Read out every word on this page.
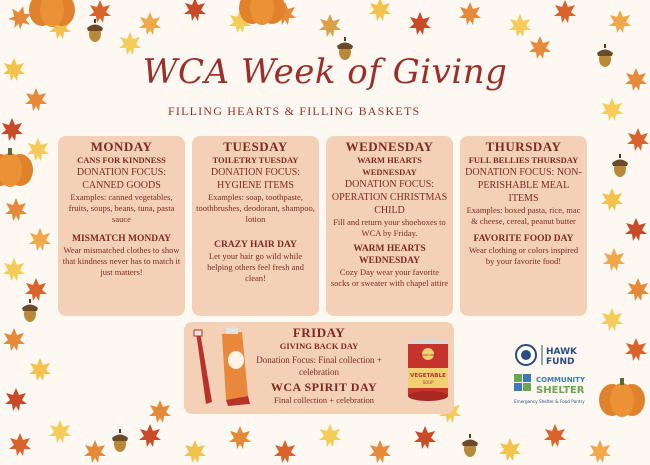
WCA Week of Giving
FILLING HEARTS & FILLING BASKETS
MONDAY
CANS FOR KINDNESS
DONATION FOCUS: CANNED GOODS
Examples: canned vegetables, fruits, soups, beans, tuna, pasta sauce
MISMATCH MONDAY
Wear mismatched clothes to show that kindness never has to match it just matters!
TUESDAY
TOILETRY TUESDAY
DONATION FOCUS: HYGIENE ITEMS
Examples: soap, toothpaste, toothbrushes, deodorant, shampoo, lotion
CRAZY HAIR DAY
Let your hair go wild while helping others feel fresh and clean!
WEDNESDAY
WARM HEARTS WEDNESDAY
DONATION FOCUS: OPERATION CHRISTMAS CHILD
Fill and return your shoeboxes to WCA by Friday.
WARM HEARTS WEDNESDAY
Cozy Day wear your favorite socks or sweater with chapel attire
THURSDAY
FULL BELLIES THURSDAY
DONATION FOCUS: NON-PERISHABLE MEAL ITEMS
Examples: boxed pasta, rice, mac & cheese, cereal, peanut butter
FAVORITE FOOD DAY
Wear clothing or colors inspired by your favorite food!
FRIDAY
GIVING BACK DAY
Donation Focus: Final collection + celebration
WCA SPIRIT DAY
Final collection + celebration
FOOD ONE
VEGETABLE
SOUP
HAWK
FUND
COMMUNITY
SHELTER
Emergency Shelter & Food Pantry
